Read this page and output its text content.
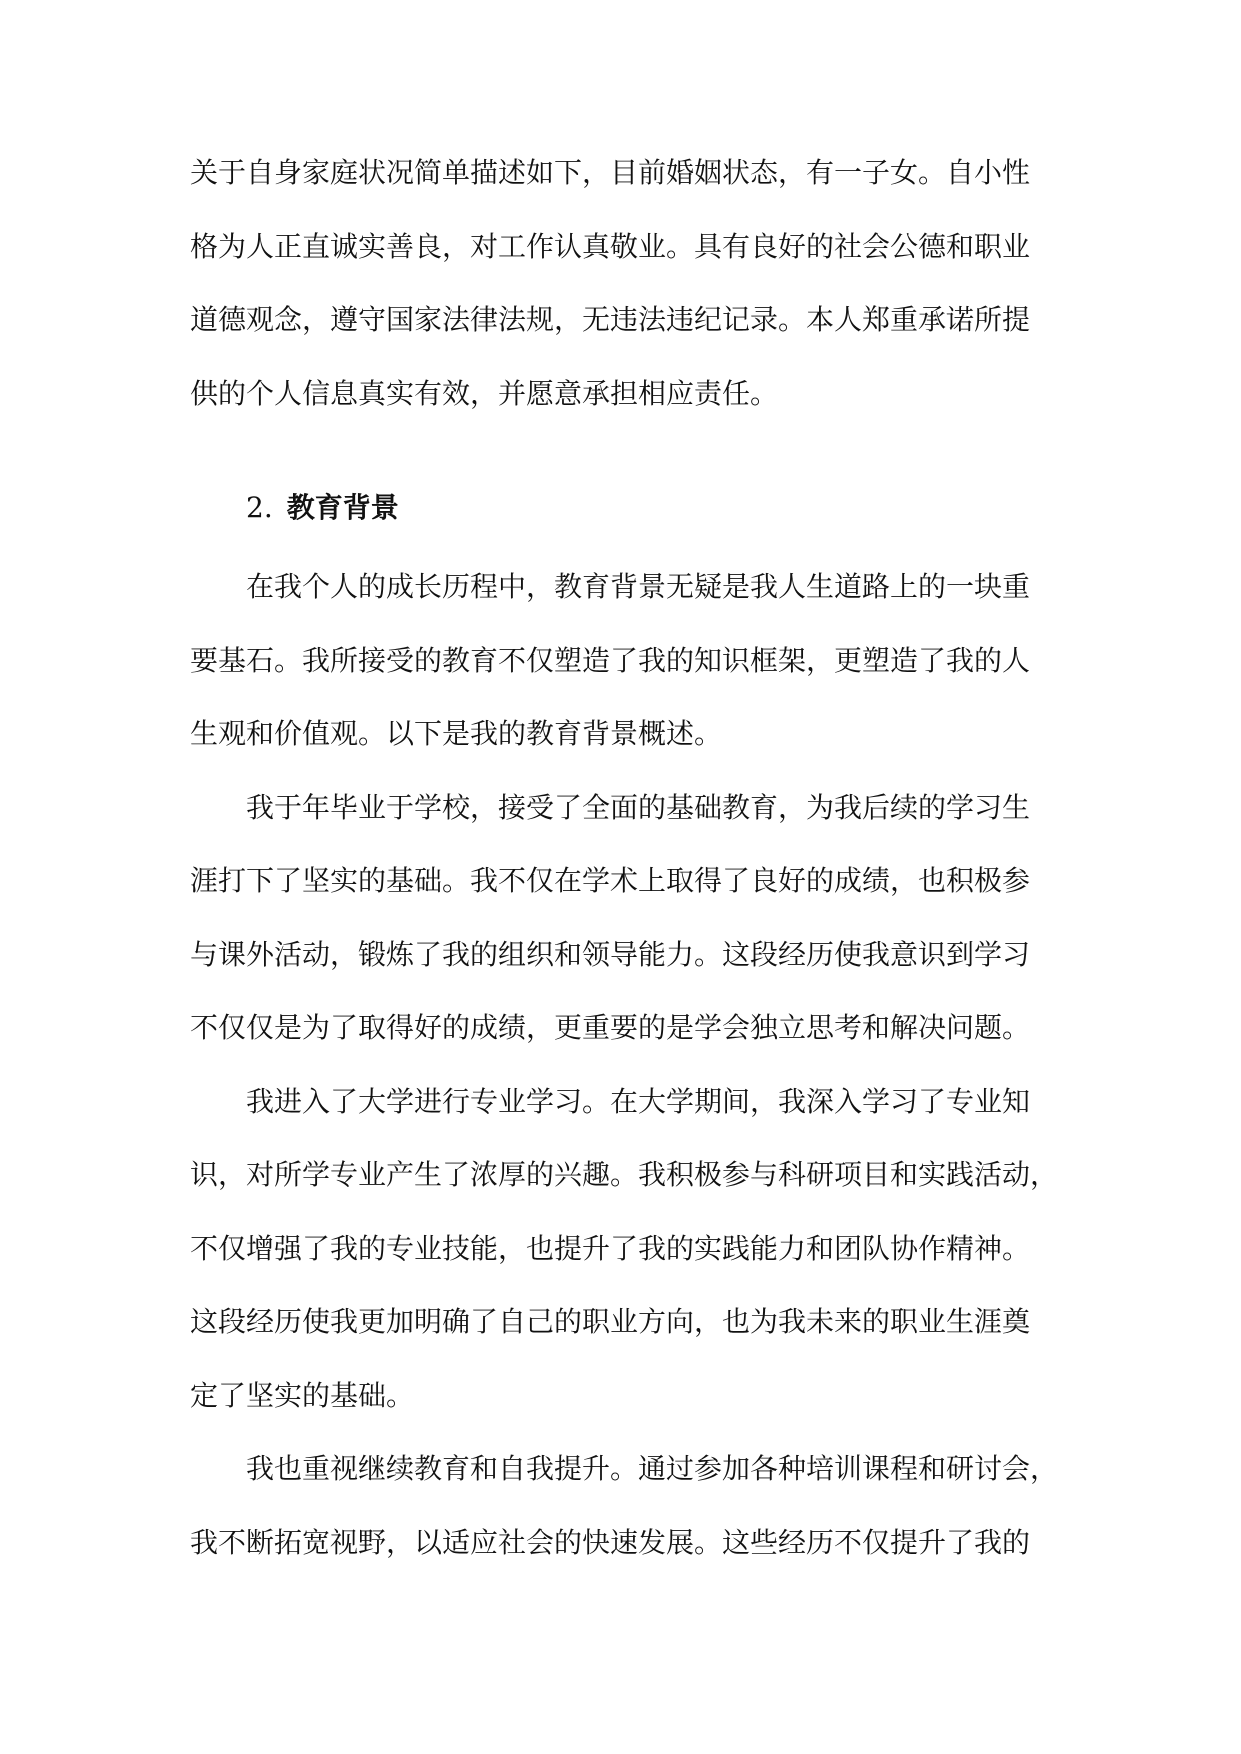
关于自身家庭状况简单描述如下，目前婚姻状态，有一子女。自小性
格为人正直诚实善良，对工作认真敬业。具有良好的社会公德和职业
道德观念，遵守国家法律法规，无违法违纪记录。本人郑重承诺所提
供的个人信息真实有效，并愿意承担相应责任。
2. 教育背景
　　在我个人的成长历程中，教育背景无疑是我人生道路上的一块重
要基石。我所接受的教育不仅塑造了我的知识框架，更塑造了我的人
生观和价值观。以下是我的教育背景概述。
　　我于年毕业于学校，接受了全面的基础教育，为我后续的学习生
涯打下了坚实的基础。我不仅在学术上取得了良好的成绩，也积极参
与课外活动，锻炼了我的组织和领导能力。这段经历使我意识到学习
不仅仅是为了取得好的成绩，更重要的是学会独立思考和解决问题。
　　我进入了大学进行专业学习。在大学期间，我深入学习了专业知
识，对所学专业产生了浓厚的兴趣。我积极参与科研项目和实践活动，
不仅增强了我的专业技能，也提升了我的实践能力和团队协作精神。
这段经历使我更加明确了自己的职业方向，也为我未来的职业生涯奠
定了坚实的基础。
　　我也重视继续教育和自我提升。通过参加各种培训课程和研讨会，
我不断拓宽视野，以适应社会的快速发展。这些经历不仅提升了我的
